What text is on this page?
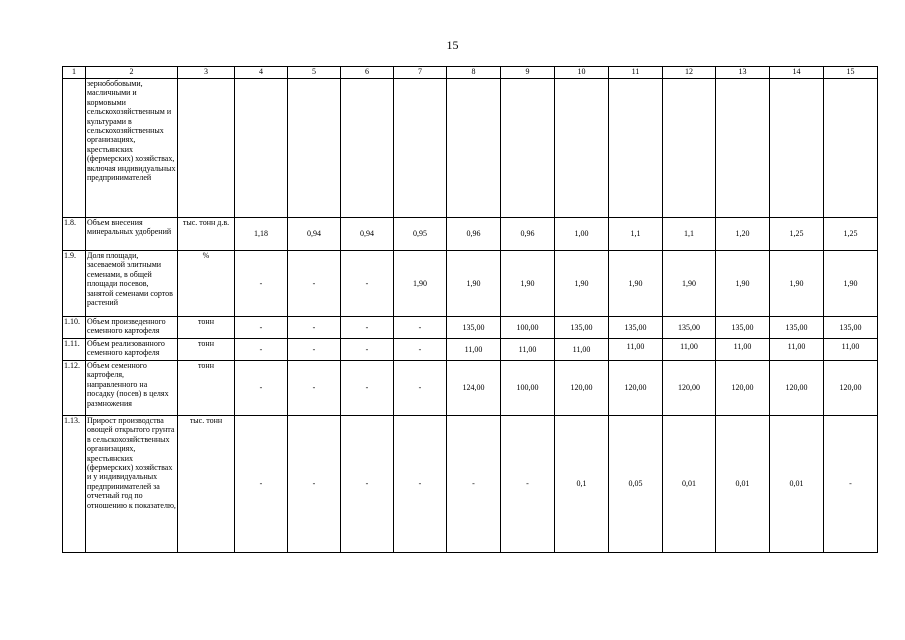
15
1	2	3	4	5	6	7	8	9	10	11	12	13	14	15
	зернобобовыми, масличными и кормовыми сельскохозяйственным и культурами в сельскохозяйственных организациях, крестьянских (фермерских) хозяйствах, включая индивидуальных предпринимателей													
1.8.	Объем внесения минеральных удобрений	тыс. тонн д.в.	1,18	0,94	0,94	0,95	0,96	0,96	1,00	1,1	1,1	1,20	1,25	1,25
1.9.	Доля площади, засеваемой элитными семенами, в общей площади посевов, занятой семенами сортов растений	%	-	-	-	1,90	1,90	1,90	1,90	1,90	1,90	1,90	1,90	1,90
1.10.	Объем произведенного семенного картофеля	тонн	-	-	-	-	135,00	100,00	135,00	135,00	135,00	135,00	135,00	135,00
1.11.	Объем реализованного семенного картофеля	тонн	-	-	-	-	11,00	11,00	11,00	11,00	11,00	11,00	11,00	11,00
1.12.	Объем семенного картофеля, направленного на посадку (посев) в целях размножения	тонн	-	-	-	-	124,00	100,00	120,00	120,00	120,00	120,00	120,00	120,00
1.13.	Прирост производства овощей открытого грунта в сельскохозяйственных организациях, крестьянских (фермерских) хозяйствах и у индивидуальных предпринимателей за отчетный год по отношению к показателю,	тыс. тонн	-	-	-	-	-	-	0,1	0,05	0,01	0,01	0,01	-
